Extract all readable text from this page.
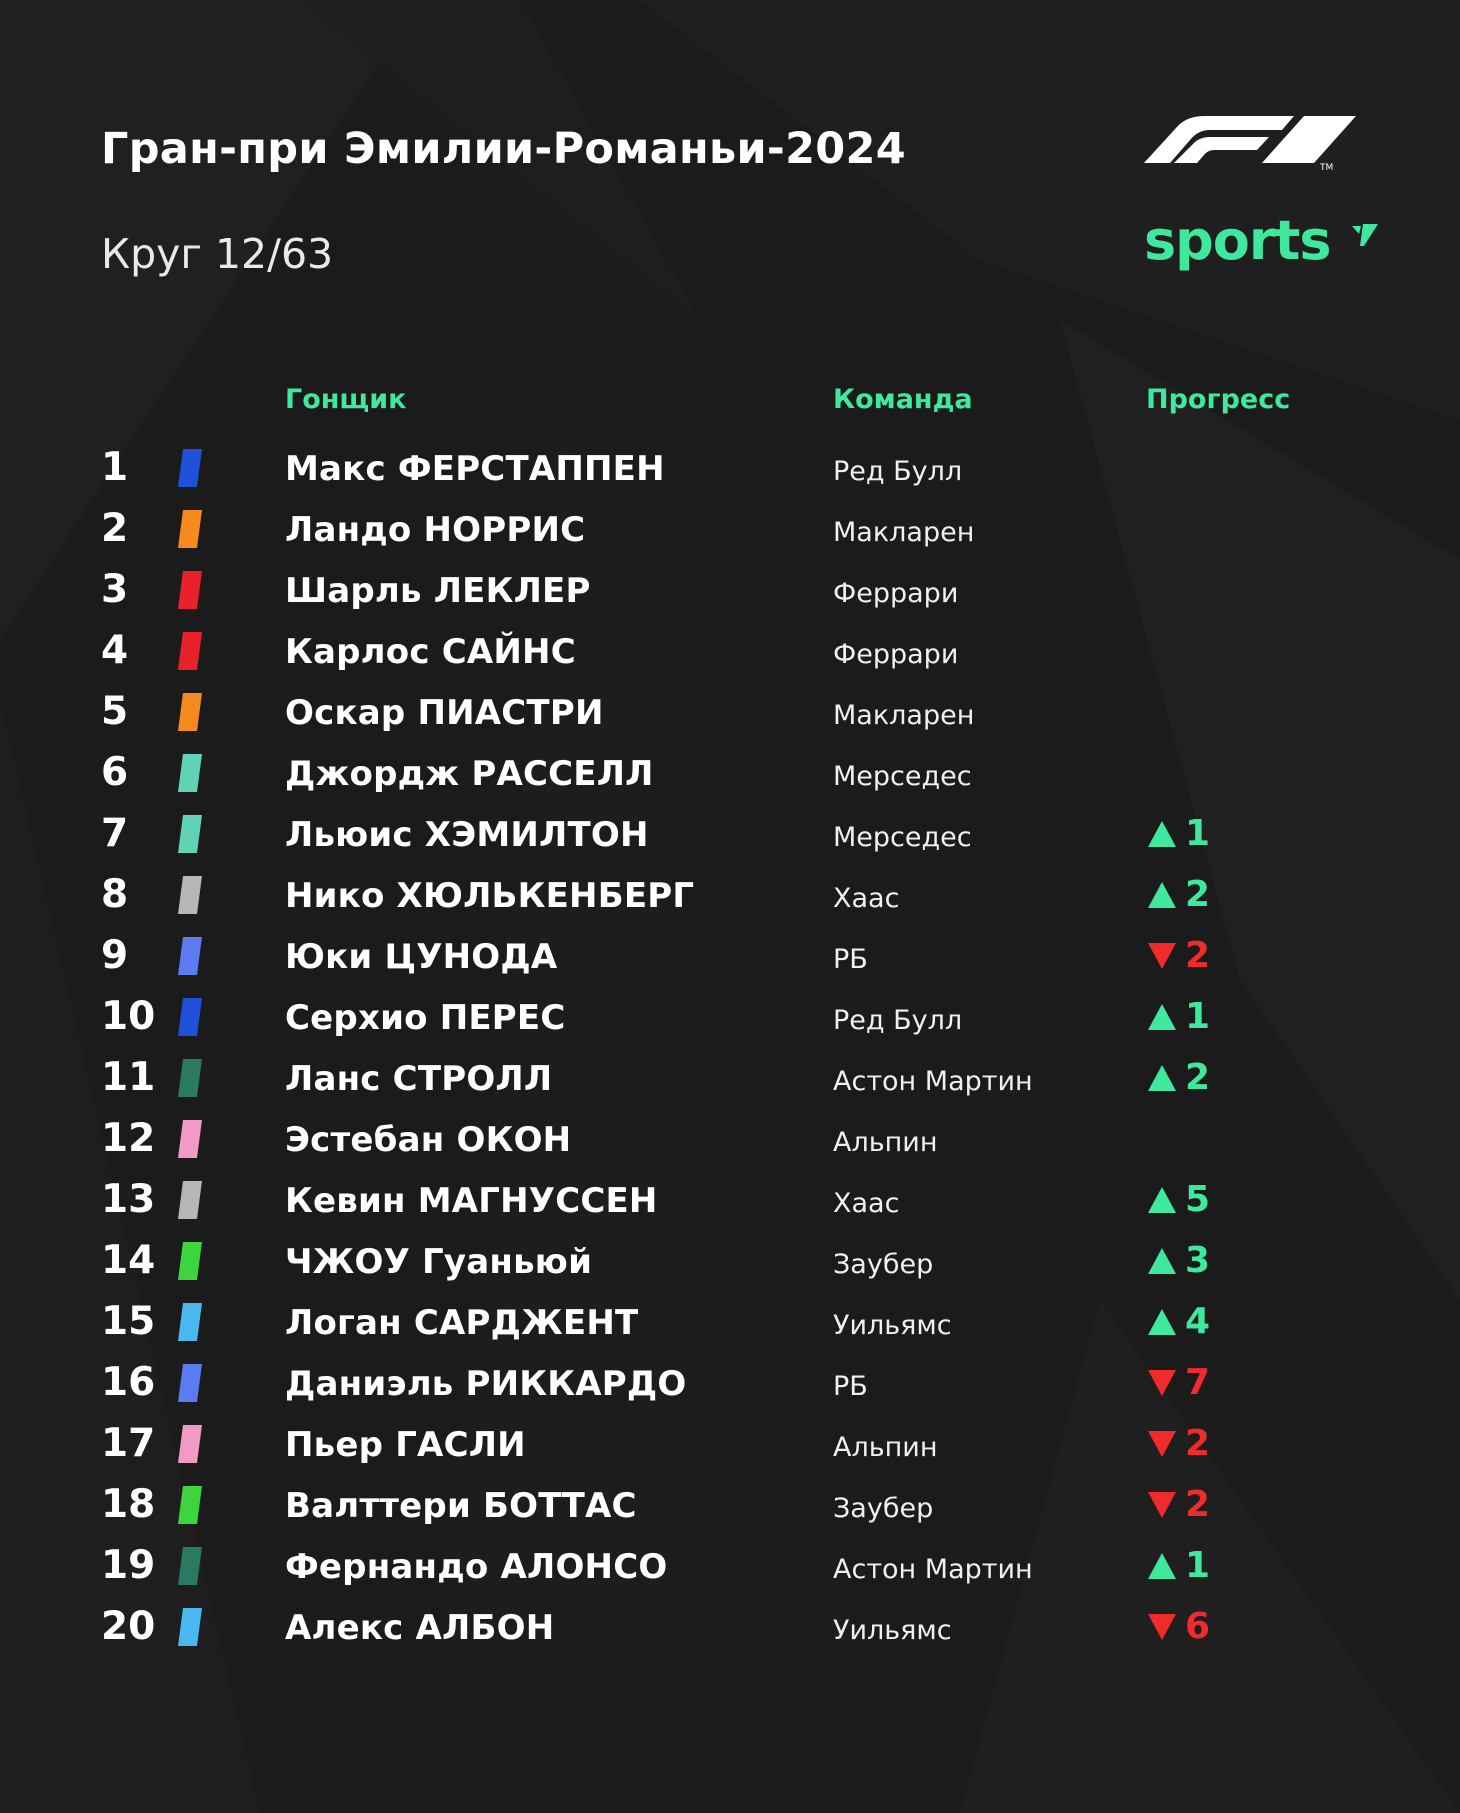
Гран-при Эмилии-Романьи-2024
Круг 12/63
TM
sports
Гонщик	Команда	Прогресс
1	Макс ФЕРСТАППЕН	Ред Булл
2	Ландо НОРРИС	Макларен
3	Шарль ЛЕКЛЕР	Феррари
4	Карлос САЙНС	Феррари
5	Оскар ПИАСТРИ	Макларен
6	Джордж РАССЕЛЛ	Мерседес
7	Льюис ХЭМИЛТОН	Мерседес	1
8	Нико ХЮЛЬКЕНБЕРГ	Хаас	2
9	Юки ЦУНОДА	РБ	2
10	Серхио ПЕРЕС	Ред Булл	1
11	Ланс СТРОЛЛ	Астон Мартин	2
12	Эстебан ОКОН	Альпин
13	Кевин МАГНУССЕН	Хаас	5
14	ЧЖОУ Гуаньюй	Заубер	3
15	Логан САРДЖЕНТ	Уильямс	4
16	Даниэль РИККАРДО	РБ	7
17	Пьер ГАСЛИ	Альпин	2
18	Валттери БОТТАС	Заубер	2
19	Фернандо АЛОНСО	Астон Мартин	1
20	Алекс АЛБОН	Уильямс	6
